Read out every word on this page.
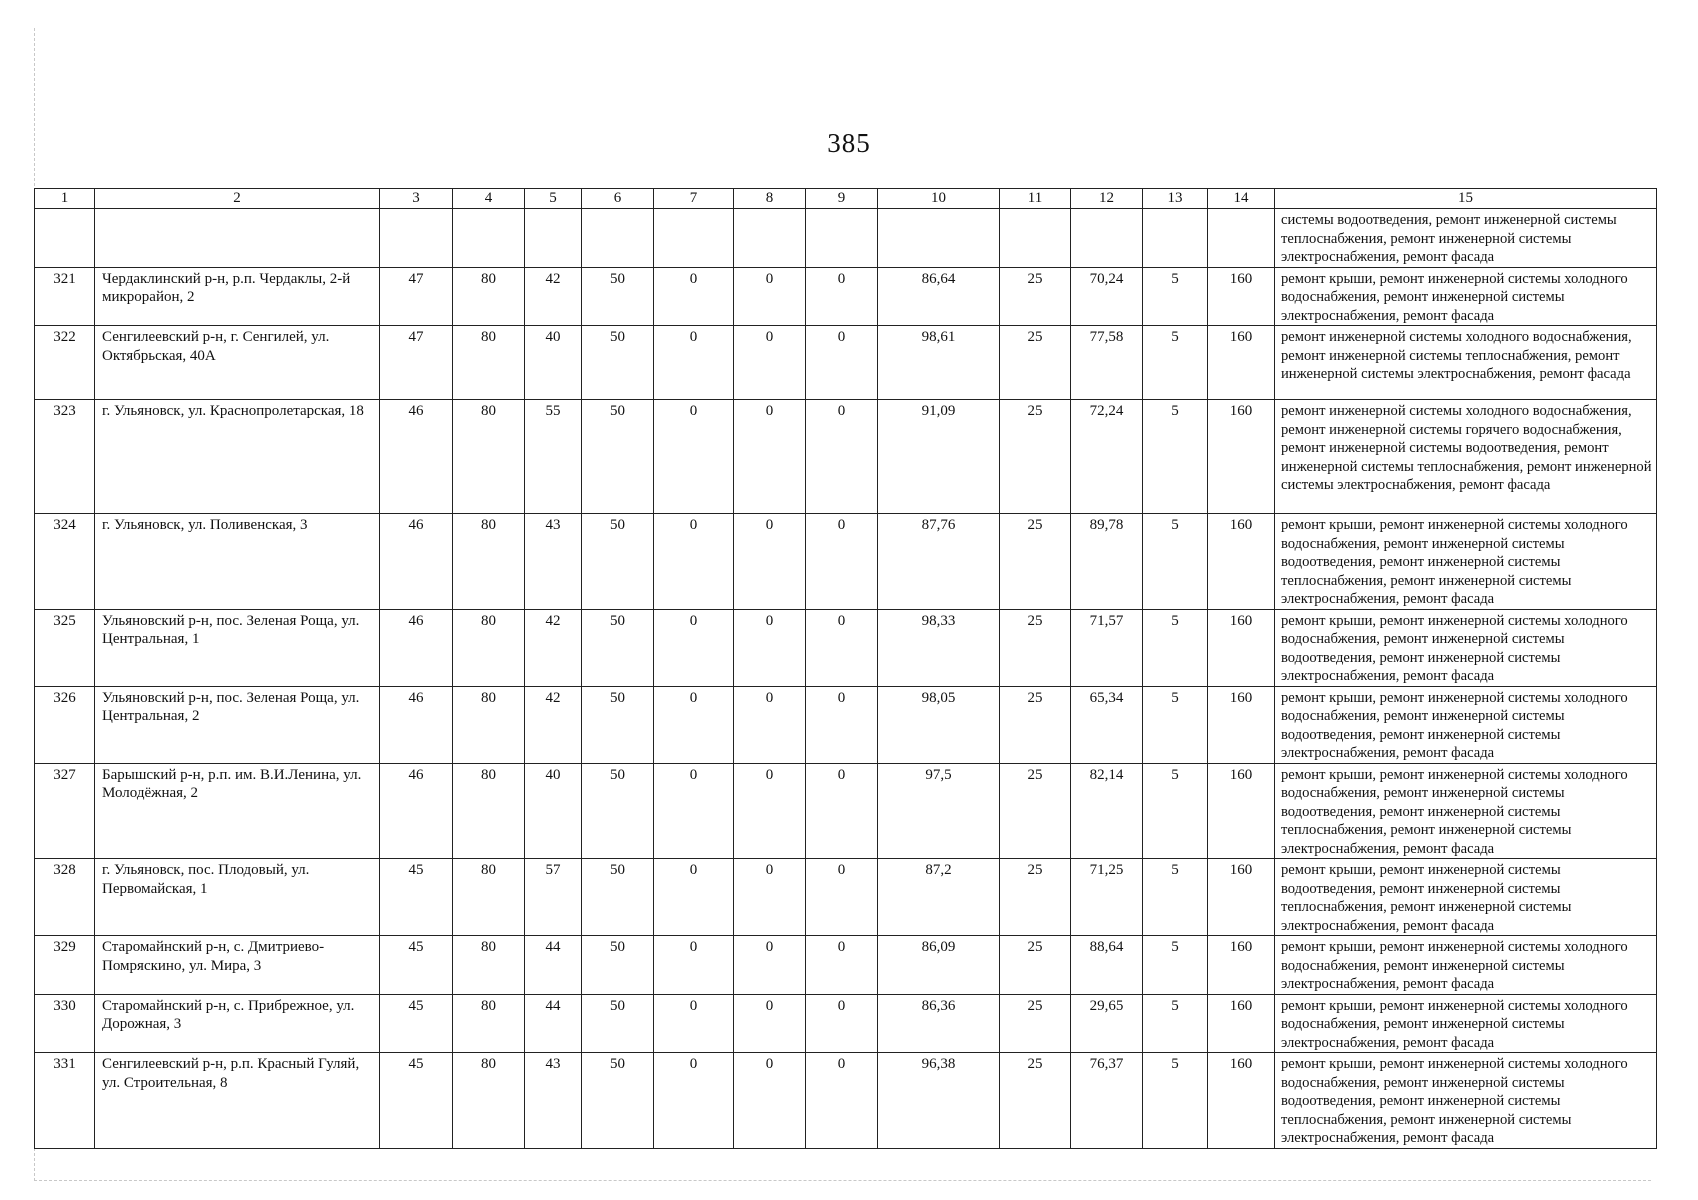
385
1	2	3	4	5	6	7	8	9	10	11	12	13	14	15
														системы водоотведения, ремонт инженерной системы теплоснабжения, ремонт инженерной системы электроснабжения, ремонт фасада
321	Чердаклинский р-н, р.п. Чердаклы, 2-й микрорайон, 2	47	80	42	50	0	0	0	86,64	25	70,24	5	160	ремонт крыши, ремонт инженерной системы холодного водоснабжения, ремонт инженерной системы электроснабжения, ремонт фасада
322	Сенгилеевский р-н, г. Сенгилей, ул. Октябрьская, 40А	47	80	40	50	0	0	0	98,61	25	77,58	5	160	ремонт инженерной системы холодного водоснабжения, ремонт инженерной системы теплоснабжения, ремонт инженерной системы электроснабжения, ремонт фасада
323	г. Ульяновск, ул. Краснопролетарская, 18	46	80	55	50	0	0	0	91,09	25	72,24	5	160	ремонт инженерной системы холодного водоснабжения, ремонт инженерной системы горячего водоснабжения, ремонт инженерной системы водоотведения, ремонт инженерной системы теплоснабжения, ремонт инженерной системы электроснабжения, ремонт фасада
324	г. Ульяновск, ул. Поливенская, 3	46	80	43	50	0	0	0	87,76	25	89,78	5	160	ремонт крыши, ремонт инженерной системы холодного водоснабжения, ремонт инженерной системы водоотведения, ремонт инженерной системы теплоснабжения, ремонт инженерной системы электроснабжения, ремонт фасада
325	Ульяновский р-н, пос. Зеленая Роща, ул. Центральная, 1	46	80	42	50	0	0	0	98,33	25	71,57	5	160	ремонт крыши, ремонт инженерной системы холодного водоснабжения, ремонт инженерной системы водоотведения, ремонт инженерной системы электроснабжения, ремонт фасада
326	Ульяновский р-н, пос. Зеленая Роща, ул. Центральная, 2	46	80	42	50	0	0	0	98,05	25	65,34	5	160	ремонт крыши, ремонт инженерной системы холодного водоснабжения, ремонт инженерной системы водоотведения, ремонт инженерной системы электроснабжения, ремонт фасада
327	Барышский р-н, р.п. им. В.И.Ленина, ул. Молодёжная, 2	46	80	40	50	0	0	0	97,5	25	82,14	5	160	ремонт крыши, ремонт инженерной системы холодного водоснабжения, ремонт инженерной системы водоотведения, ремонт инженерной системы теплоснабжения, ремонт инженерной системы электроснабжения, ремонт фасада
328	г. Ульяновск, пос. Плодовый, ул. Первомайская, 1	45	80	57	50	0	0	0	87,2	25	71,25	5	160	ремонт крыши, ремонт инженерной системы водоотведения, ремонт инженерной системы теплоснабжения, ремонт инженерной системы электроснабжения, ремонт фасада
329	Старомайнский р-н, с. Дмитриево-Помряскино, ул. Мира, 3	45	80	44	50	0	0	0	86,09	25	88,64	5	160	ремонт крыши, ремонт инженерной системы холодного водоснабжения, ремонт инженерной системы электроснабжения, ремонт фасада
330	Старомайнский р-н, с. Прибрежное, ул. Дорожная, 3	45	80	44	50	0	0	0	86,36	25	29,65	5	160	ремонт крыши, ремонт инженерной системы холодного водоснабжения, ремонт инженерной системы электроснабжения, ремонт фасада
331	Сенгилеевский р-н, р.п. Красный Гуляй, ул. Строительная, 8	45	80	43	50	0	0	0	96,38	25	76,37	5	160	ремонт крыши, ремонт инженерной системы холодного водоснабжения, ремонт инженерной системы водоотведения, ремонт инженерной системы теплоснабжения, ремонт инженерной системы электроснабжения, ремонт фасада
